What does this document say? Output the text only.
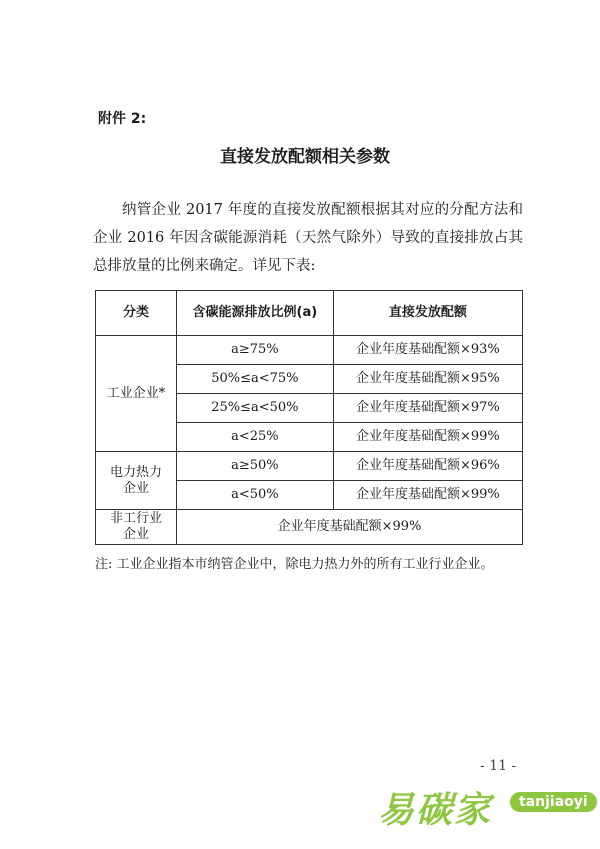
附件 2:
直接发放配额相关参数
纳管企业 2017 年度的直接发放配额根据其对应的分配方法和企业 2016 年因含碳能源消耗（天然气除外）导致的直接排放占其总排放量的比例来确定。详见下表:
分类	含碳能源排放比例(a)	直接发放配额
工业企业*	a≥75%	企业年度基础配额×93%
	50%≤a<75%	企业年度基础配额×95%
	25%≤a<50%	企业年度基础配额×97%
	a<25%	企业年度基础配额×99%
电力热力企业	a≥50%	企业年度基础配额×96%
	a<50%	企业年度基础配额×99%
非工行业企业	企业年度基础配额×99%	
注: 工业企业指本市纳管企业中，除电力热力外的所有工业行业企业。
- 11 -
易碳家	tanjiaoyi
